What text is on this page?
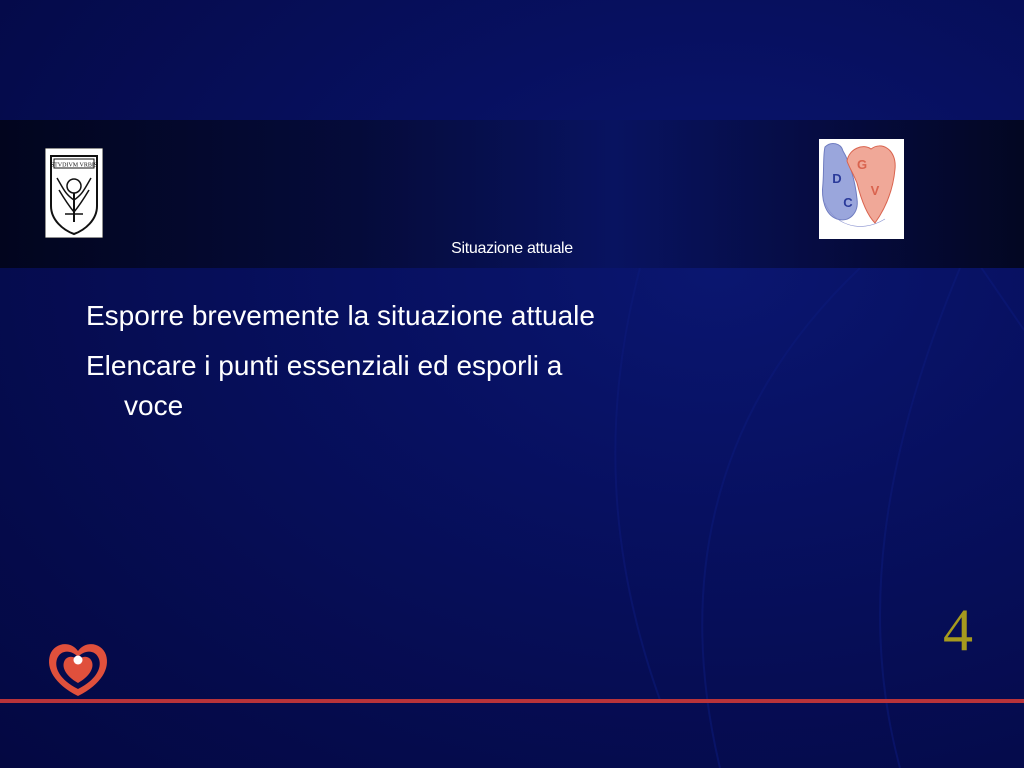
STVDIVM VRBIS
D
C
G
V
Situazione attuale
Esporre brevemente la situazione attuale
Elencare i punti essenziali ed esporli a voce
4
